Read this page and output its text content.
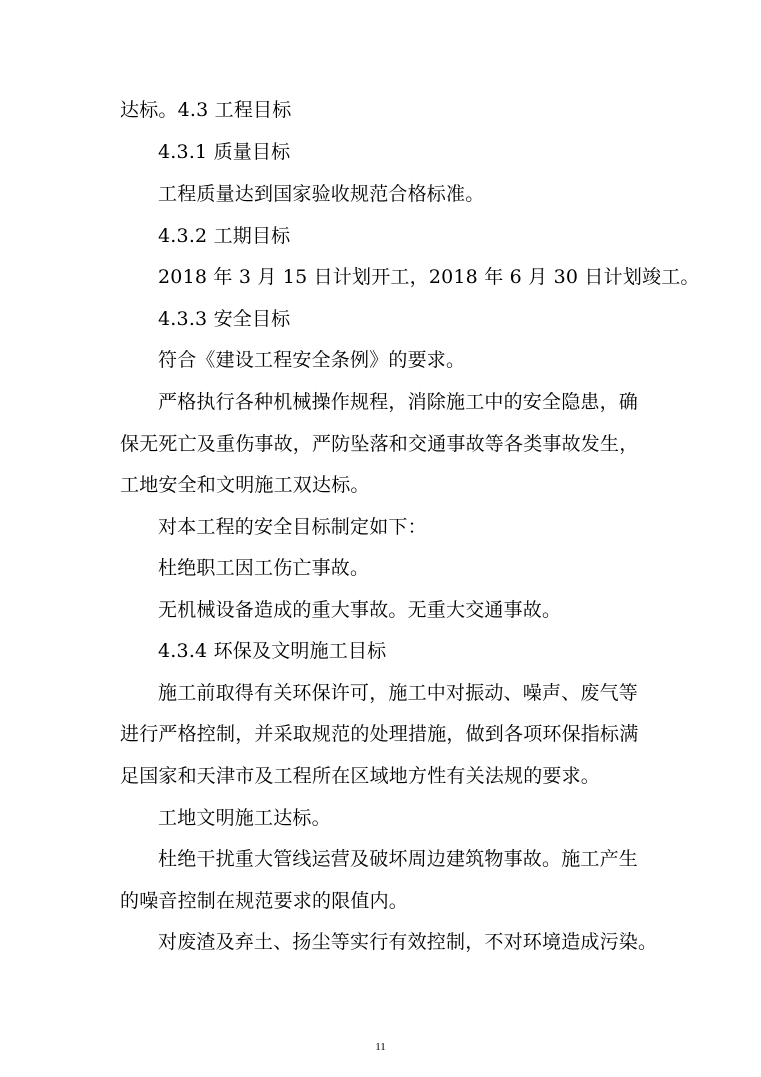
达标。4.3 工程目标
4.3.1 质量目标
工程质量达到国家验收规范合格标准。
4.3.2 工期目标
2018 年 3 月 15 日计划开工，2018 年 6 月 30 日计划竣工。
4.3.3 安全目标
符合《建设工程安全条例》的要求。
严格执行各种机械操作规程，消除施工中的安全隐患，确
保无死亡及重伤事故，严防坠落和交通事故等各类事故发生，
工地安全和文明施工双达标。
对本工程的安全目标制定如下：
杜绝职工因工伤亡事故。
无机械设备造成的重大事故。无重大交通事故。
4.3.4 环保及文明施工目标
施工前取得有关环保许可，施工中对振动、噪声、废气等
进行严格控制，并采取规范的处理措施，做到各项环保指标满
足国家和天津市及工程所在区域地方性有关法规的要求。
工地文明施工达标。
杜绝干扰重大管线运营及破坏周边建筑物事故。施工产生
的噪音控制在规范要求的限值内。
对废渣及弃土、扬尘等实行有效控制，不对环境造成污染。
11
